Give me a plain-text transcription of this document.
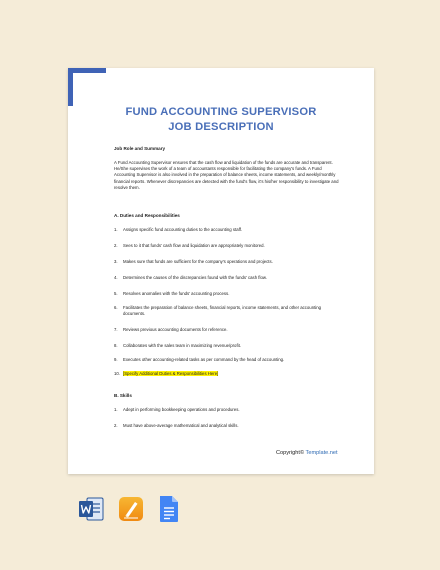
FUND ACCOUNTING SUPERVISOR
JOB DESCRIPTION
Job Role and Summary
A Fund Accounting Supervisor ensures that the cash flow and liquidation of the funds are accurate and transparent. He/She supervises the work of a team of accountants responsible for facilitating the company's funds. A Fund Accounting Supervisor is also involved in the preparation of balance sheets, income statements, and weekly/monthly financial reports. Whenever discrepancies are detected with the fund's flow, it's his/her responsibility to investigate and resolve them.
A. Duties and Responsibilities
1. Assigns specific fund accounting duties to the accounting staff.
2. Sees to it that funds' cash flow and liquidation are appropriately monitored.
3. Makes sure that funds are sufficient for the company's operations and projects.
4. Determines the causes of the discrepancies found with the funds' cash flow.
5. Resolves anomalies with the funds' accounting process.
6. Facilitates the preparation of balance sheets, financial reports, income statements, and other accounting documents.
7. Reviews previous accounting documents for reference.
8. Collaborates with the sales team in maximizing revenue/profit.
9. Executes other accounting-related tasks as per command by the head of accounting.
10. [Specify Additional Duties & Responsibilities Here]
B. Skills
1. Adept in performing bookkeeping operations and procedures.
2. Must have above-average mathematical and analytical skills.
Copyright© Template.net
